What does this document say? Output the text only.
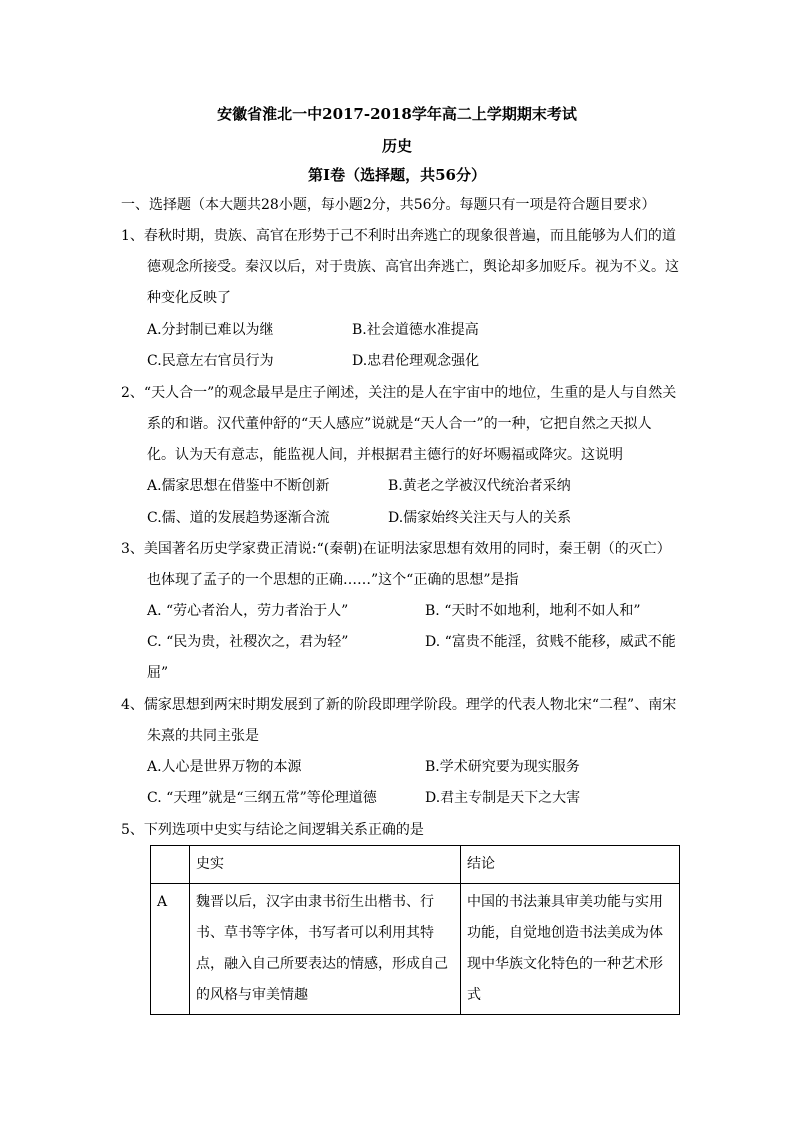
安徽省淮北一中2017-2018学年高二上学期期末考试
历史
第Ⅰ卷（选择题，共56分）
一、选择题（本大题共28小题，每小题2分，共56分。每题只有一项是符合题目要求）
1、春秋时期，贵族、高官在形势于己不利时出奔逃亡的现象很普遍，而且能够为人们的道
德观念所接受。秦汉以后，对于贵族、高官出奔逃亡，舆论却多加贬斥。视为不义。这
种变化反映了
A.分封制已难以为继	B.社会道德水准提高
C.民意左右官员行为	D.忠君伦理观念强化
2、“天人合一”的观念最早是庄子阐述，关注的是人在宇宙中的地位，生重的是人与自然关
系的和谐。汉代董仲舒的“天人感应”说就是“天人合一”的一种，它把自然之天拟人
化。认为天有意志，能监视人间，并根据君主德行的好坏赐福或降灾。这说明
A.儒家思想在借鉴中不断创新	B.黄老之学被汉代统治者采纳
C.儒、道的发展趋势逐渐合流	D.儒家始终关注天与人的关系
3、美国著名历史学家费正清说:“(秦朝)在证明法家思想有效用的同时，秦王朝（的灭亡）
也体现了孟子的一个思想的正确……”这个“正确的思想”是指
A. “劳心者治人，劳力者治于人”	B. “天时不如地利，地利不如人和”
C. “民为贵，社稷次之，君为轻”	D. “富贵不能淫，贫贱不能移，威武不能
屈”
4、儒家思想到两宋时期发展到了新的阶段即理学阶段。理学的代表人物北宋“二程”、南宋
朱熹的共同主张是
A.人心是世界万物的本源	B.学术研究要为现实服务
C. “天理”就是“三纲五常”等伦理道德	D.君主专制是天下之大害
5、下列选项中史实与结论之间逻辑关系正确的是
	史实	结论
A	魏晋以后，汉字由隶书衍生出楷书、行书、草书等字体，书写者可以利用其特点，融入自己所要表达的情感，形成自己的风格与审美情趣	中国的书法兼具审美功能与实用功能，自觉地创造书法美成为体现中华族文化特色的一种艺术形式
